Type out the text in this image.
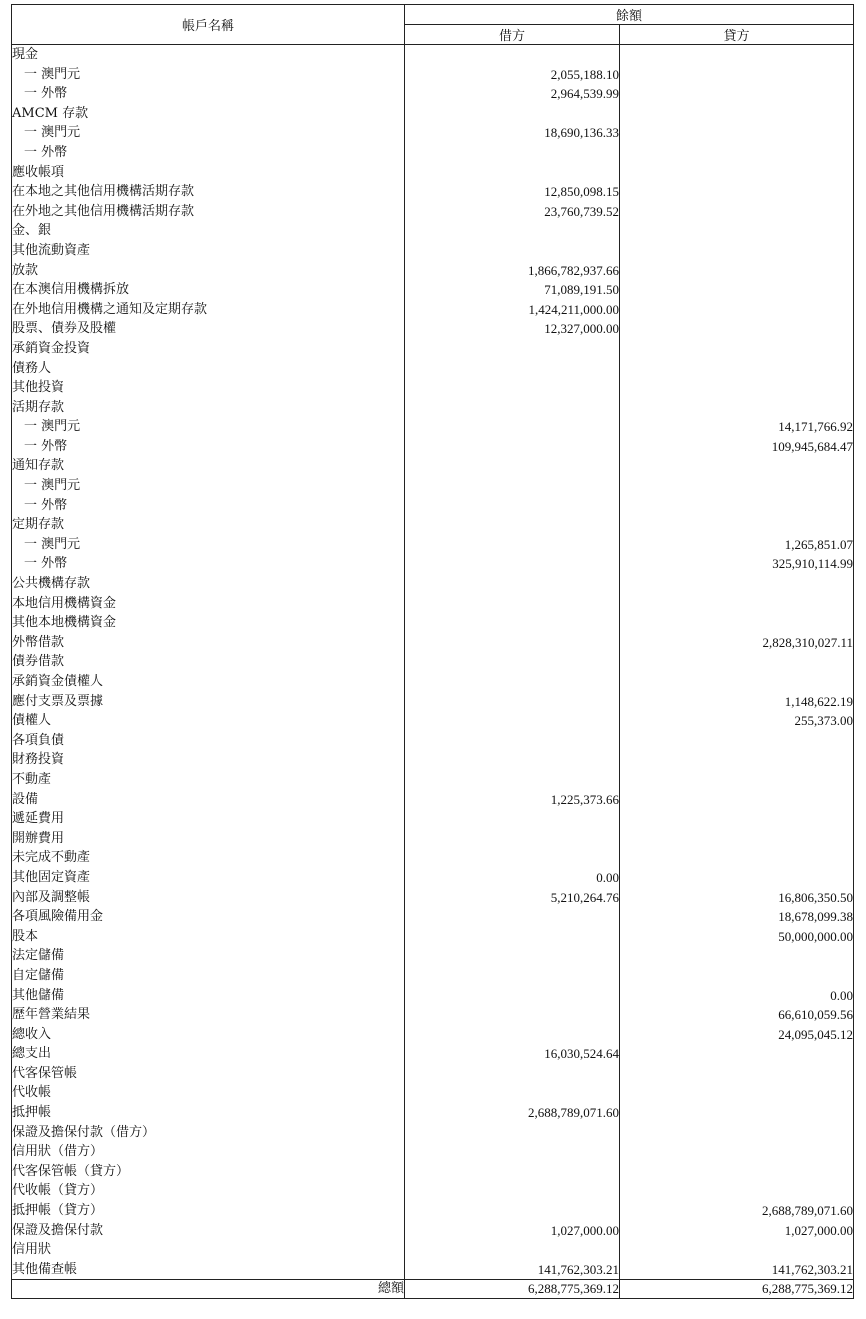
帳戶名稱	餘額	
	借方	貸方
現金		
一 澳門元	2,055,188.10	
一 外幣	2,964,539.99	
AMCM 存款		
一 澳門元	18,690,136.33	
一 外幣		
應收帳項		
在本地之其他信用機構活期存款	12,850,098.15	
在外地之其他信用機構活期存款	23,760,739.52	
金、銀		
其他流動資產		
放款	1,866,782,937.66	
在本澳信用機構拆放	71,089,191.50	
在外地信用機構之通知及定期存款	1,424,211,000.00	
股票、債券及股權	12,327,000.00	
承銷資金投資		
債務人		
其他投資		
活期存款		
一 澳門元		14,171,766.92
一 外幣		109,945,684.47
通知存款		
一 澳門元		
一 外幣		
定期存款		
一 澳門元		1,265,851.07
一 外幣		325,910,114.99
公共機構存款		
本地信用機構資金		
其他本地機構資金		
外幣借款		2,828,310,027.11
債券借款		
承銷資金債權人		
應付支票及票據		1,148,622.19
債權人		255,373.00
各項負債		
財務投資		
不動產		
設備	1,225,373.66	
遞延費用		
開辦費用		
未完成不動產		
其他固定資產	0.00	
內部及調整帳	5,210,264.76	16,806,350.50
各項風險備用金		18,678,099.38
股本		50,000,000.00
法定儲備		
自定儲備		
其他儲備		0.00
歷年營業結果		66,610,059.56
總收入		24,095,045.12
總支出	16,030,524.64	
代客保管帳		
代收帳		
抵押帳	2,688,789,071.60	
保證及擔保付款（借方）		
信用狀（借方）		
代客保管帳（貸方）		
代收帳（貸方）		
抵押帳（貸方）		2,688,789,071.60
保證及擔保付款	1,027,000.00	1,027,000.00
信用狀		
其他備查帳	141,762,303.21	141,762,303.21
總額	6,288,775,369.12	6,288,775,369.12
